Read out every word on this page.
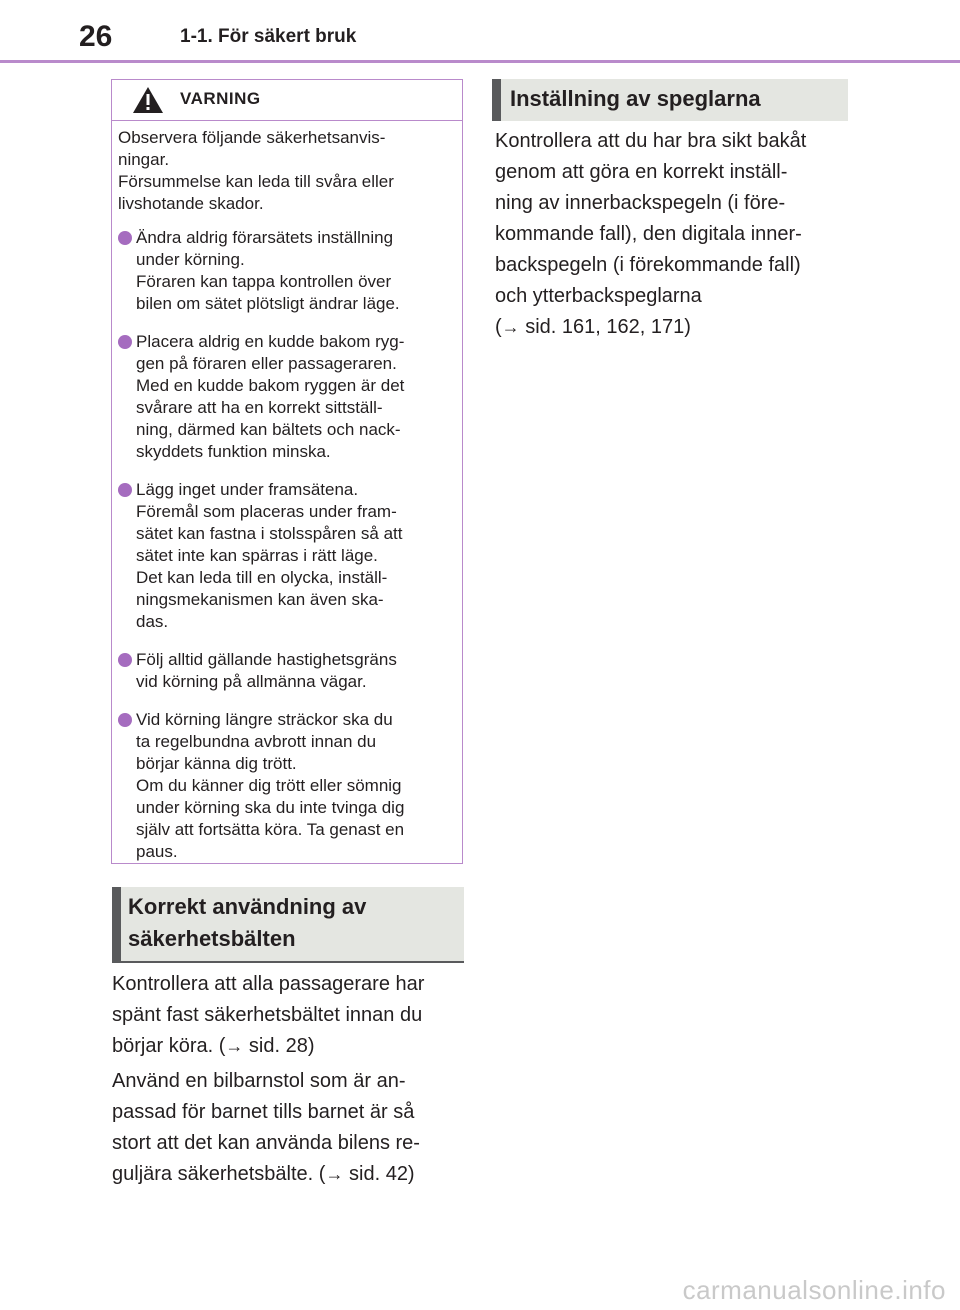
26	1-1. För säkert bruk
VARNING

Observera följande säkerhetsanvis-
ningar.
Försummelse kan leda till svåra eller
livshotande skador.

Ändra aldrig förarsätets inställning
under körning.
Föraren kan tappa kontrollen över
bilen om sätet plötsligt ändrar läge.
Placera aldrig en kudde bakom ryg-
gen på föraren eller passageraren.
Med en kudde bakom ryggen är det
svårare att ha en korrekt sittställ-
ning, därmed kan bältets och nack-
skyddets funktion minska.
Lägg inget under framsätena.
Föremål som placeras under fram-
sätet kan fastna i stolsspåren så att
sätet inte kan spärras i rätt läge.
Det kan leda till en olycka, inställ-
ningsmekanismen kan även ska-
das.
Följ alltid gällande hastighetsgräns
vid körning på allmänna vägar.
Vid körning längre sträckor ska du
ta regelbundna avbrott innan du
börjar känna dig trött.
Om du känner dig trött eller sömnig
under körning ska du inte tvinga dig
själv att fortsätta köra. Ta genast en
paus.
Korrekt användning av
säkerhetsbälten
Kontrollera att alla passagerare har
spänt fast säkerhetsbältet innan du
börjar köra. (→ sid. 28)
Använd en bilbarnstol som är an-
passad för barnet tills barnet är så
stort att det kan använda bilens re-
guljära säkerhetsbälte. (→ sid. 42)
Inställning av speglarna
Kontrollera att du har bra sikt bakåt
genom att göra en korrekt inställ-
ning av innerbackspegeln (i före-
kommande fall), den digitala inner-
backspegeln (i förekommande fall)
och ytterbackspeglarna
(→ sid. 161, 162, 171)
carmanualsonline.info
